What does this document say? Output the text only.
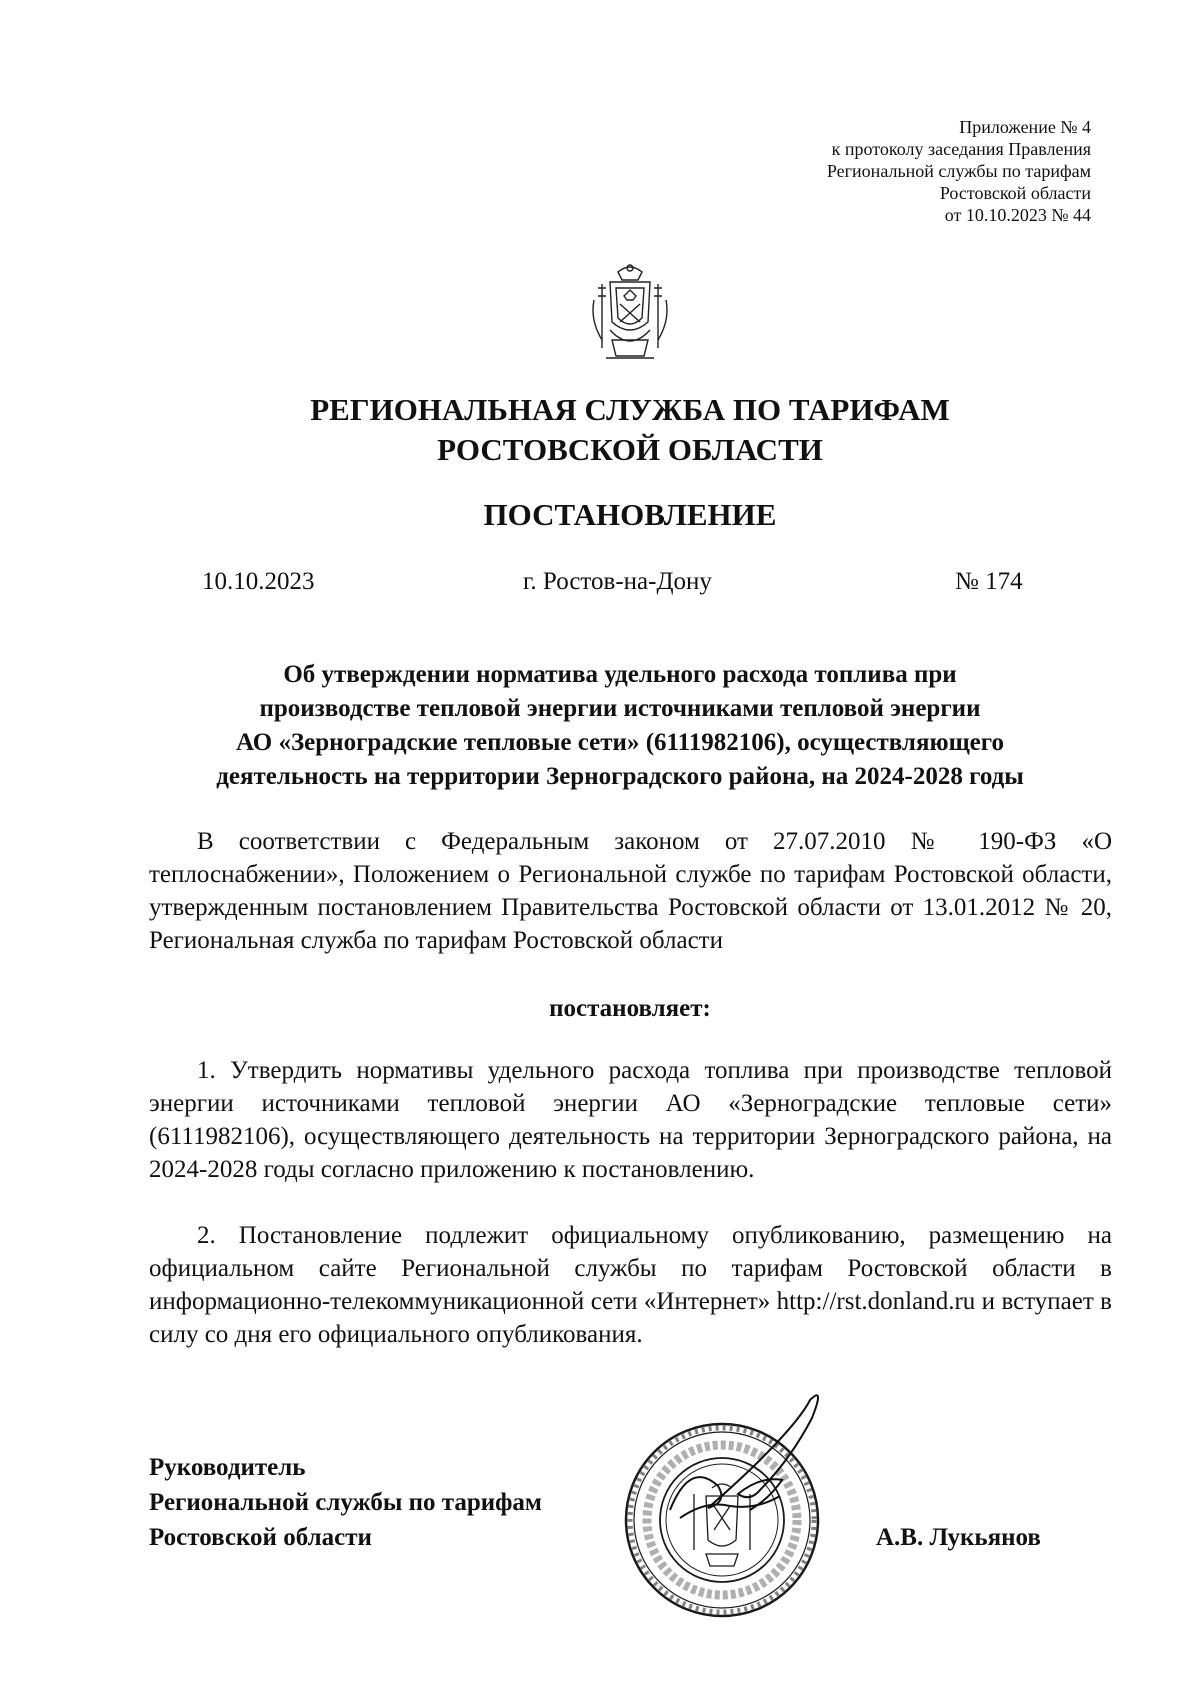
Приложение № 4
к протоколу заседания Правления
Региональной службы по тарифам
Ростовской области
от 10.10.2023 № 44
РЕГИОНАЛЬНАЯ СЛУЖБА ПО ТАРИФАМ
РОСТОВСКОЙ ОБЛАСТИ
ПОСТАНОВЛЕНИЕ
10.10.2023	г. Ростов-на-Дону	№ 174
Об утверждении норматива удельного расхода топлива при
производстве тепловой энергии источниками тепловой энергии
АО «Зерноградские тепловые сети» (6111982106), осуществляющего
деятельность на территории Зерноградского района, на 2024-2028 годы
В соответствии с Федеральным законом от 27.07.2010 № 190-ФЗ «О теплоснабжении», Положением о Региональной службе по тарифам Ростовской области, утвержденным постановлением Правительства Ростовской области от 13.01.2012 № 20, Региональная служба по тарифам Ростовской области
постановляет:
1. Утвердить нормативы удельного расхода топлива при производстве тепловой энергии источниками тепловой энергии АО «Зерноградские тепловые сети» (6111982106), осуществляющего деятельность на территории Зерноградского района, на 2024-2028 годы согласно приложению к постановлению.
2. Постановление подлежит официальному опубликованию, размещению на официальном сайте Региональной службы по тарифам Ростовской области в информационно-телекоммуникационной сети «Интернет» http://rst.donland.ru и вступает в силу со дня его официального опубликования.
Руководитель
Региональной службы по тарифам
Ростовской области	А.В. Лукьянов
